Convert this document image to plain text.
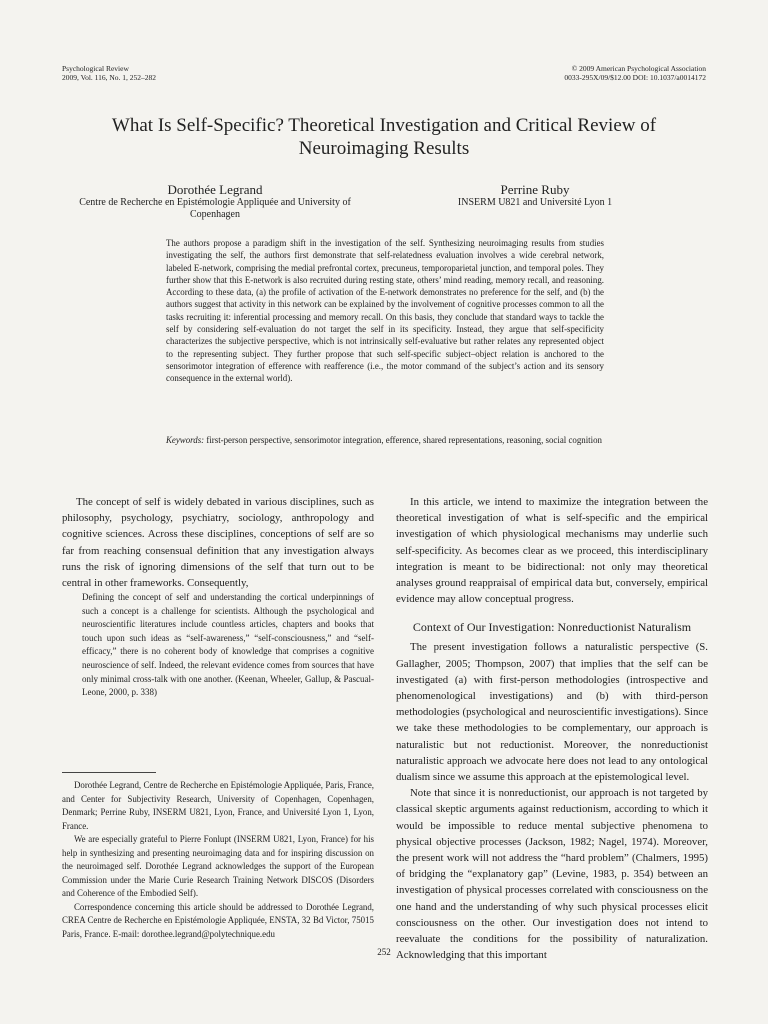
Psychological Review
2009, Vol. 116, No. 1, 252–282
© 2009 American Psychological Association
0033-295X/09/$12.00 DOI: 10.1037/a0014172
What Is Self-Specific? Theoretical Investigation and Critical Review of Neuroimaging Results
Dorothée Legrand
Centre de Recherche en Epistémologie Appliquée and University of Copenhagen
Perrine Ruby
INSERM U821 and Université Lyon 1
The authors propose a paradigm shift in the investigation of the self. Synthesizing neuroimaging results from studies investigating the self, the authors first demonstrate that self-relatedness evaluation involves a wide cerebral network, labeled E-network, comprising the medial prefrontal cortex, precuneus, temporoparietal junction, and temporal poles. They further show that this E-network is also recruited during resting state, others’ mind reading, memory recall, and reasoning. According to these data, (a) the profile of activation of the E-network demonstrates no preference for the self, and (b) the authors suggest that activity in this network can be explained by the involvement of cognitive processes common to all the tasks recruiting it: inferential processing and memory recall. On this basis, they conclude that standard ways to tackle the self by considering self-evaluation do not target the self in its specificity. Instead, they argue that self-specificity characterizes the subjective perspective, which is not intrinsically self-evaluative but rather relates any represented object to the representing subject. They further propose that such self-specific subject–object relation is anchored to the sensorimotor integration of efference with reafference (i.e., the motor command of the subject’s action and its sensory consequence in the external world).
Keywords: first-person perspective, sensorimotor integration, efference, shared representations, reasoning, social cognition

The concept of self is widely debated in various disciplines, such as philosophy, psychology, psychiatry, sociology, anthropology and cognitive sciences. Across these disciplines, conceptions of self are so far from reaching consensual definition that any investigation always runs the risk of ignoring dimensions of the self that turn out to be central in other frameworks. Consequently,

Defining the concept of self and understanding the cortical underpinnings of such a concept is a challenge for scientists. Although the psychological and neuroscientific literatures include countless articles, chapters and books that touch upon such ideas as “self-awareness,” “self-consciousness,” and “self-efficacy,” there is no coherent body of knowledge that comprises a cognitive neuroscience of self. Indeed, the relevant evidence comes from sources that have only minimal cross-talk with one another. (Keenan, Wheeler, Gallup, & Pascual-Leone, 2000, p. 338)

Dorothée Legrand, Centre de Recherche en Epistémologie Appliquée, Paris, France, and Center for Subjectivity Research, University of Copenhagen, Copenhagen, Denmark; Perrine Ruby, INSERM U821, Lyon, France, and Université Lyon 1, Lyon, France.

We are especially grateful to Pierre Fonlupt (INSERM U821, Lyon, France) for his help in synthesizing and presenting neuroimaging data and for inspiring discussion on the neuroimaged self. Dorothée Legrand acknowledges the support of the European Commission under the Marie Curie Research Training Network DISCOS (Disorders and Coherence of the Embodied Self).

Correspondence concerning this article should be addressed to Dorothée Legrand, CREA Centre de Recherche en Epistémologie Appliquée, ENSTA, 32 Bd Victor, 75015 Paris, France. E-mail: dorothee.legrand@polytechnique.edu

In this article, we intend to maximize the integration between the theoretical investigation of what is self-specific and the empirical investigation of which physiological mechanisms may underlie such self-specificity. As becomes clear as we proceed, this interdisciplinary integration is meant to be bidirectional: not only may theoretical analyses ground reappraisal of empirical data but, conversely, empirical evidence may allow conceptual progress.

Context of Our Investigation: Nonreductionist Naturalism

The present investigation follows a naturalistic perspective (S. Gallagher, 2005; Thompson, 2007) that implies that the self can be investigated (a) with first-person methodologies (introspective and phenomenological investigations) and (b) with third-person methodologies (psychological and neuroscientific investigations). Since we take these methodologies to be complementary, our approach is naturalistic but not reductionist. Moreover, the nonreductionist naturalistic approach we advocate here does not lead to any ontological dualism since we assume this approach at the epistemological level.

Note that since it is nonreductionist, our approach is not targeted by classical skeptic arguments against reductionism, according to which it would be impossible to reduce mental subjective phenomena to physical objective processes (Jackson, 1982; Nagel, 1974). Moreover, the present work will not address the “hard problem” (Chalmers, 1995) of bridging the “explanatory gap” (Levine, 1983, p. 354) between an investigation of physical processes correlated with consciousness on the one hand and the understanding of why such physical processes elicit consciousness on the other. Our investigation does not intend to reevaluate the conditions for the possibility of naturalization. Acknowledging that this important

252
